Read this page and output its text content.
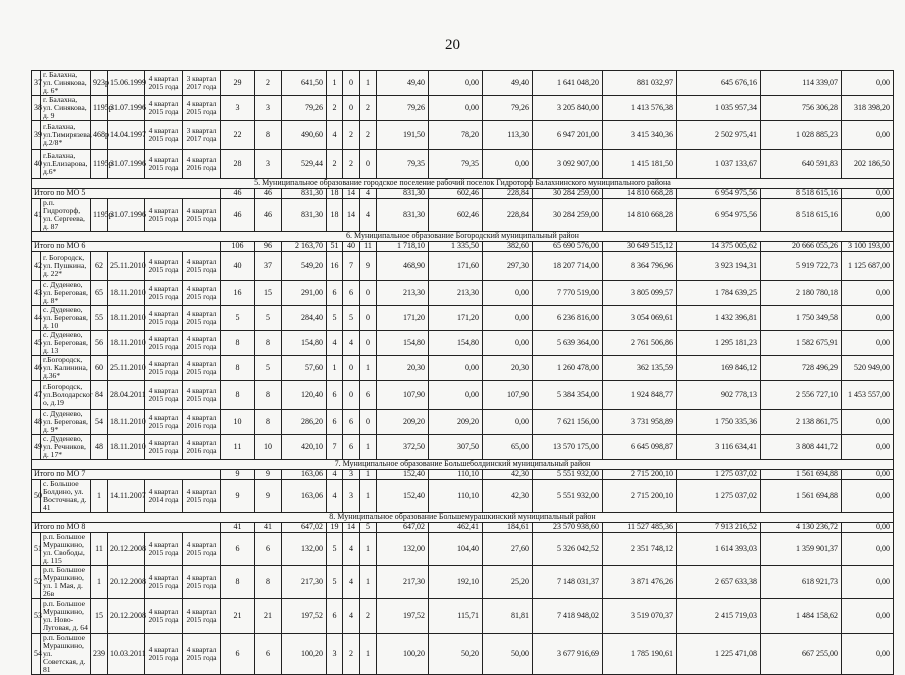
20
37	г. Балахна, ул. Синякова, д. 6*	923р	15.06.1999	4 квартал 2015 года	3 квартал 2017 года	29	2	641,50	1	0	1	49,40	0,00	49,40	1 641 048,20	881 032,97	645 676,16	114 339,07	0,00
38	г. Балахна, ул. Синякова, д. 9	1195р	31.07.1996	4 квартал 2015 года	4 квартал 2015 года	3	3	79,26	2	0	2	79,26	0,00	79,26	3 205 840,00	1 413 576,38	1 035 957,34	756 306,28	318 398,20
39	г.Балахна, ул.Тимирязева, д.2/8*	468р	14.04.1997	4 квартал 2015 года	3 квартал 2017 года	22	8	490,60	4	2	2	191,50	78,20	113,30	6 947 201,00	3 415 340,36	2 502 975,41	1 028 885,23	0,00
40	г.Балахна, ул.Елизарова, д.6*	1195р	31.07.1996	4 квартал 2015 года	4 квартал 2016 года	28	3	529,44	2	2	0	79,35	79,35	0,00	3 092 907,00	1 415 181,50	1 037 133,67	640 591,83	202 186,50
5. Муниципальное образование городское поселение рабочий поселок Гидроторф Балахнинского муниципального района																			
Итого по МО 5						46	46	831,30	18	14	4	831,30	602,46	228,84	30 284 259,00	14 810 668,28	6 954 975,56	8 518 615,16	0,00
41	р.п. Гидроторф, ул. Сергеева, д. 87	1195р	31.07.1996	4 квартал 2015 года	4 квартал 2015 года	46	46	831,30	18	14	4	831,30	602,46	228,84	30 284 259,00	14 810 668,28	6 954 975,56	8 518 615,16	0,00
6. Муниципальное образование Богородский муниципальный район																			
Итого по МО 6						106	96	2 163,70	51	40	11	1 718,10	1 335,50	382,60	65 690 576,00	30 649 515,12	14 375 005,62	20 666 055,26	3 100 193,00
42	г. Богородск, ул. Пушкина, д. 22*	62	25.11.2010	4 квартал 2015 года	4 квартал 2015 года	40	37	549,20	16	7	9	468,90	171,60	297,30	18 207 714,00	8 364 796,96	3 923 194,31	5 919 722,73	1 125 687,00
43	с. Дуденево, ул. Береговая, д. 8*	65	18.11.2010	4 квартал 2015 года	4 квартал 2015 года	16	15	291,00	6	6	0	213,30	213,30	0,00	7 770 519,00	3 805 099,57	1 784 639,25	2 180 780,18	0,00
44	с. Дуденево, ул. Береговая, д. 10	55	18.11.2010	4 квартал 2015 года	4 квартал 2015 года	5	5	284,40	5	5	0	171,20	171,20	0,00	6 236 816,00	3 054 069,61	1 432 396,81	1 750 349,58	0,00
45	с. Дуденево, ул. Береговая, д. 13	56	18.11.2010	4 квартал 2015 года	4 квартал 2015 года	8	8	154,80	4	4	0	154,80	154,80	0,00	5 639 364,00	2 761 506,86	1 295 181,23	1 582 675,91	0,00
46	г.Богородск, ул. Калинина, д.36*	60	25.11.2010	4 квартал 2015 года	4 квартал 2015 года	8	5	57,60	1	0	1	20,30	0,00	20,30	1 260 478,00	362 135,59	169 846,12	728 496,29	520 949,00
47	г.Богородск, ул.Володарског о, д.19	84	28.04.2011	4 квартал 2015 года	4 квартал 2015 года	8	8	120,40	6	0	6	107,90	0,00	107,90	5 384 354,00	1 924 848,77	902 778,13	2 556 727,10	1 453 557,00
48	с. Дуденево, ул. Береговая, д. 9*	54	18.11.2010	4 квартал 2015 года	4 квартал 2016 года	10	8	286,20	6	6	0	209,20	209,20	0,00	7 621 156,00	3 731 958,89	1 750 335,36	2 138 861,75	0,00
49	с. Дуденево, ул. Речников, д. 17*	48	18.11.2010	4 квартал 2015 года	4 квартал 2016 года	11	10	420,10	7	6	1	372,50	307,50	65,00	13 570 175,00	6 645 098,87	3 116 634,41	3 808 441,72	0,00
7. Муниципальное образование Большеболдинский муниципальный район																			
Итого по МО 7						9	9	163,06	4	3	1	152,40	110,10	42,30	5 551 932,00	2 715 200,10	1 275 037,02	1 561 694,88	0,00
50	с. Большое Болдино, ул. Восточная, д. 41	1	14.11.2007	4 квартал 2014 года	4 квартал 2015 года	9	9	163,06	4	3	1	152,40	110,10	42,30	5 551 932,00	2 715 200,10	1 275 037,02	1 561 694,88	0,00
8. Муниципальное образование Большемурашкинский муниципальный район																			
Итого по МО 8						41	41	647,02	19	14	5	647,02	462,41	184,61	23 570 938,60	11 527 485,36	7 913 216,52	4 130 236,72	0,00
51	р.п. Большое Мурашкино, ул. Свободы, д. 115	11	20.12.2008	4 квартал 2015 года	4 квартал 2015 года	6	6	132,00	5	4	1	132,00	104,40	27,60	5 326 042,52	2 351 748,12	1 614 393,03	1 359 901,37	0,00
52	р.п. Большое Мурашкино, ул. 1 Мая, д. 26в	1	20.12.2008	4 квартал 2015 года	4 квартал 2015 года	8	8	217,30	5	4	1	217,30	192,10	25,20	7 148 031,37	3 871 476,26	2 657 633,38	618 921,73	0,00
53	р.п. Большое Мурашкино, ул. Ново-Луговая, д. 64	15	20.12.2008	4 квартал 2015 года	4 квартал 2015 года	21	21	197,52	6	4	2	197,52	115,71	81,81	7 418 948,02	3 519 070,37	2 415 719,03	1 484 158,62	0,00
54	р.п. Большое Мурашкино, ул. Советская, д. 81	239	10.03.2011	4 квартал 2015 года	4 квартал 2015 года	6	6	100,20	3	2	1	100,20	50,20	50,00	3 677 916,69	1 785 190,61	1 225 471,08	667 255,00	0,00
